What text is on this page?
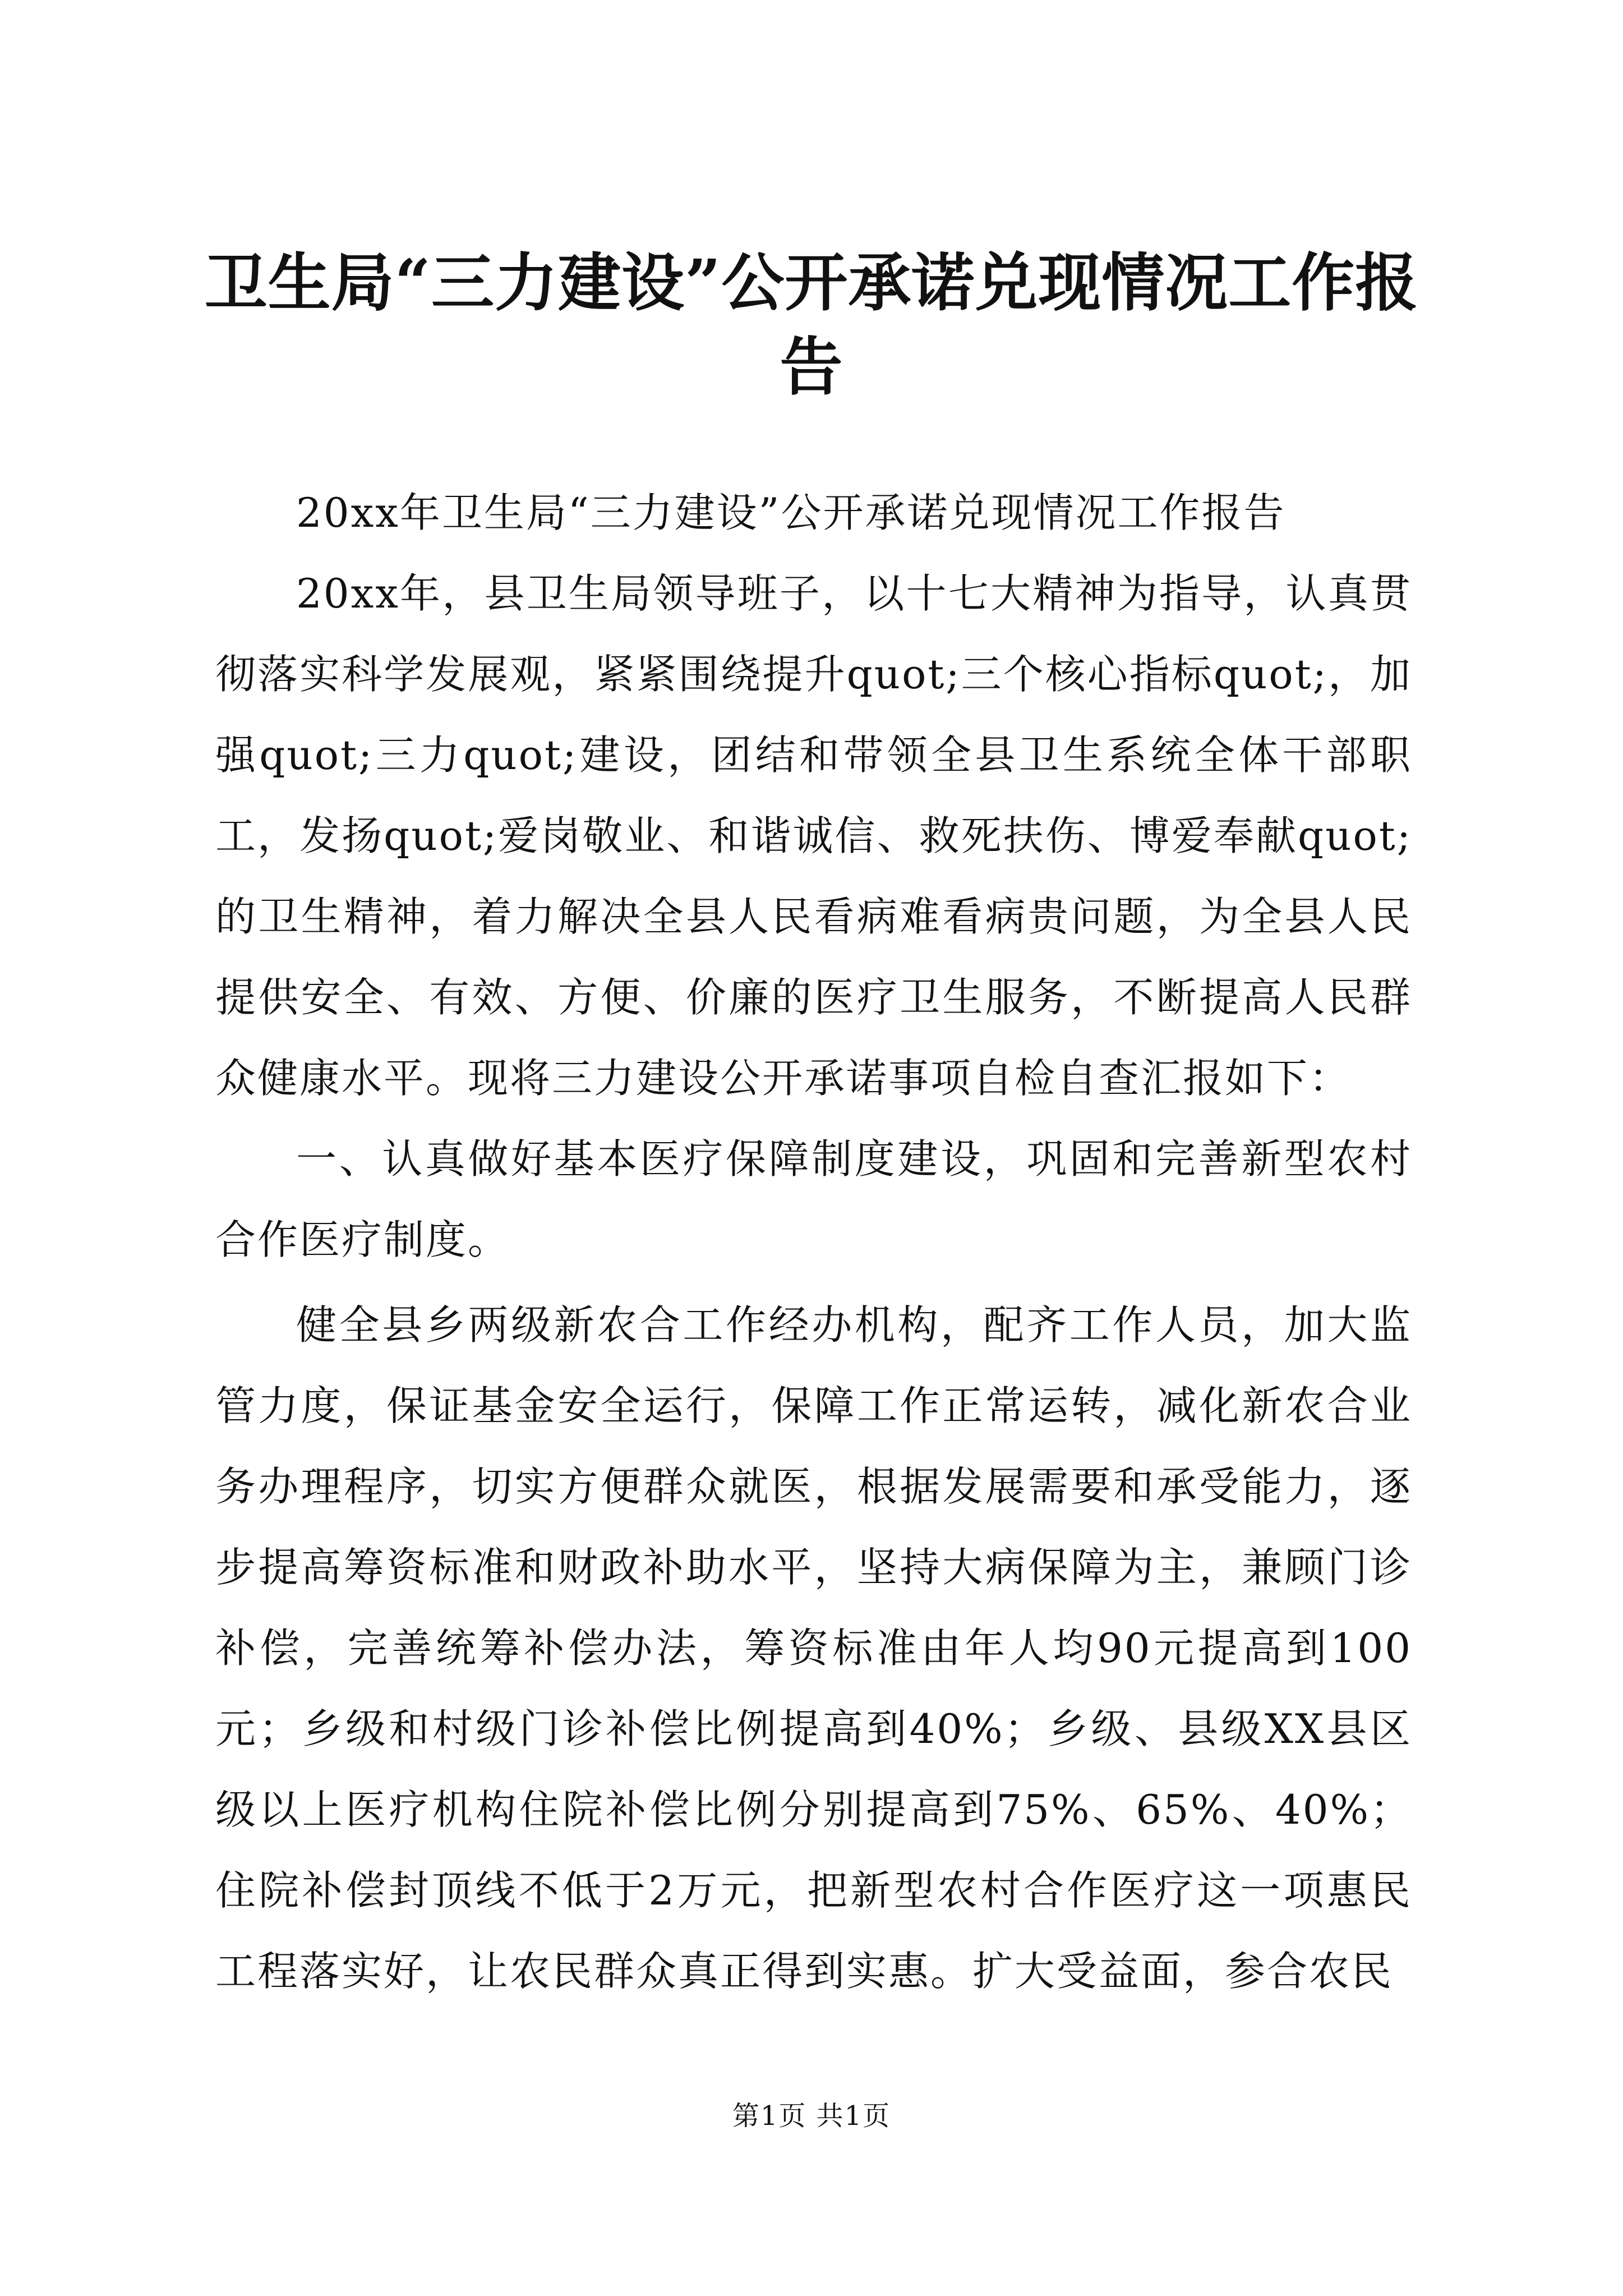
卫生局“三力建设”公开承诺兑现情况工作报告

20xx年卫生局“三力建设”公开承诺兑现情况工作报告

20xx年，县卫生局领导班子，以十七大精神为指导，认真贯彻落实科学发展观，紧紧围绕提升quot;三个核心指标quot;，加强quot;三力quot;建设，团结和带领全县卫生系统全体干部职工，发扬quot;爱岗敬业、和谐诚信、救死扶伤、博爱奉献quot;的卫生精神，着力解决全县人民看病难看病贵问题，为全县人民提供安全、有效、方便、价廉的医疗卫生服务，不断提高人民群众健康水平。现将三力建设公开承诺事项自检自查汇报如下：

一、认真做好基本医疗保障制度建设，巩固和完善新型农村合作医疗制度。

健全县乡两级新农合工作经办机构，配齐工作人员，加大监管力度，保证基金安全运行，保障工作正常运转，减化新农合业务办理程序，切实方便群众就医，根据发展需要和承受能力，逐步提高筹资标准和财政补助水平，坚持大病保障为主，兼顾门诊补偿，完善统筹补偿办法，筹资标准由年人均90元提高到100元；乡级和村级门诊补偿比例提高到40%；乡级、县级XX县区级以上医疗机构住院补偿比例分别提高到75%、65%、40%；住院补偿封顶线不低于2万元，把新型农村合作医疗这一项惠民工程落实好，让农民群众真正得到实惠。扩大受益面，参合农民

第1页 共1页
